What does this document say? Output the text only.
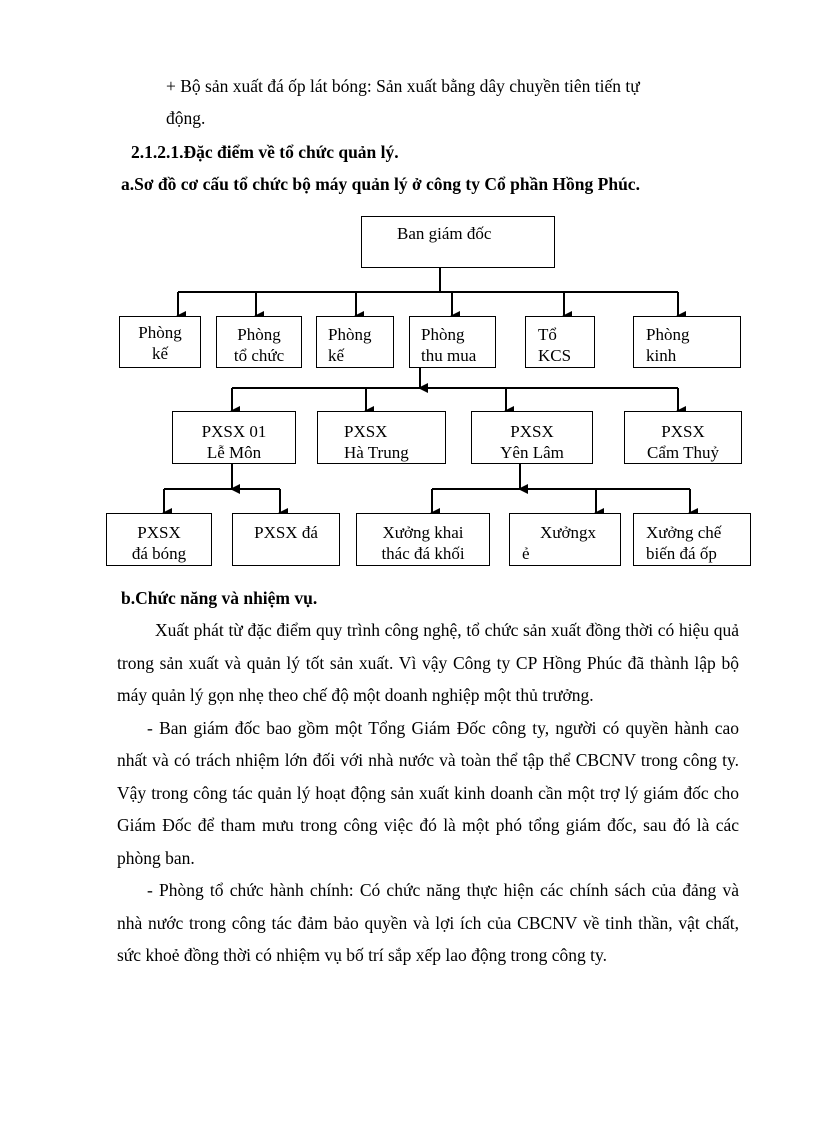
+ Bộ sản xuất đá ốp lát bóng: Sản xuất bằng dây chuyền tiên tiến tự
động.
2.1.2.1.Đặc điểm về tổ chức quản lý.
a.Sơ đồ cơ cấu tổ chức bộ máy quản lý ở công ty Cổ phần Hồng Phúc.
Ban giám đốc
Phòng
kế
Phòng
tổ chức
Phòng
kế
Phòng
thu mua
Tổ
KCS
Phòng
kinh
PXSX 01
Lễ Môn
PXSX
Hà Trung
PXSX
Yên Lâm
PXSX
Cẩm Thuỷ
PXSX
đá bóng
PXSX đá	Xưởng khai
thác đá khối
Xưởngx
ẻ
Xưởng chế
biến đá ốp
b.Chức năng và nhiệm vụ.

Xuất phát từ đặc điểm quy trình công nghệ, tổ chức sản xuất đồng thời có hiệu quả trong sản xuất và quản lý tốt sản xuất. Vì vậy Công ty CP Hồng Phúc đã thành lập bộ máy quản lý gọn nhẹ theo chế độ một doanh nghiệp một thủ trưởng.

- Ban giám đốc bao gồm một Tổng Giám Đốc công ty, người có quyền hành cao nhất và có trách nhiệm lớn đối với nhà nước và toàn thể tập thể CBCNV trong công ty. Vậy trong công tác quản lý hoạt động sản xuất kinh doanh cần một trợ lý giám đốc cho Giám Đốc để tham mưu trong công việc đó là một phó tổng giám đốc, sau đó là các phòng ban.

- Phòng tổ chức hành chính: Có chức năng thực hiện các chính sách của đảng và nhà nước trong công tác đảm bảo quyền và lợi ích của CBCNV về tinh thần, vật chất, sức khoẻ đồng thời có nhiệm vụ bố trí sắp xếp lao động trong công ty.
